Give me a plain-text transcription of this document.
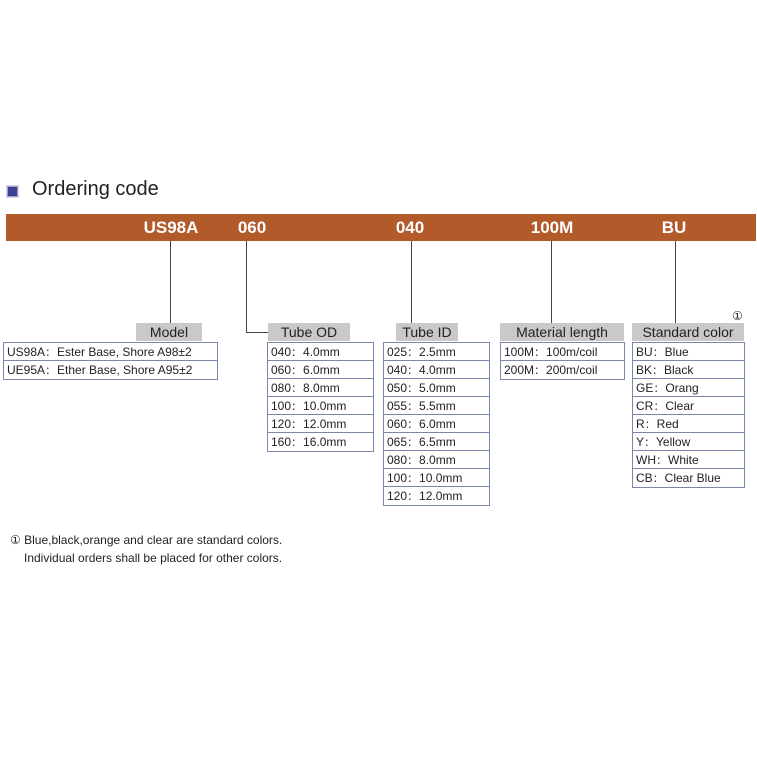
Ordering code
US98A	060	040	100M	BU
Model
US98A：Ester Base, Shore A98±2
UE95A：Ether Base, Shore A95±2
Tube OD
040：4.0mm
060：6.0mm
080：8.0mm
100：10.0mm
120：12.0mm
160：16.0mm
Tube ID
025：2.5mm
040：4.0mm
050：5.0mm
055：5.5mm
060：6.0mm
065：6.5mm
080：8.0mm
100：10.0mm
120：12.0mm
Material length
100M：100m/coil
200M：200m/coil
①
Standard color
BU：Blue
BK：Black
GE：Orang
CR：Clear
R：Red
Y：Yellow
WH：White
CB：Clear Blue
① Blue,black,orange and clear are standard colors.
Individual orders shall be placed for other colors.
